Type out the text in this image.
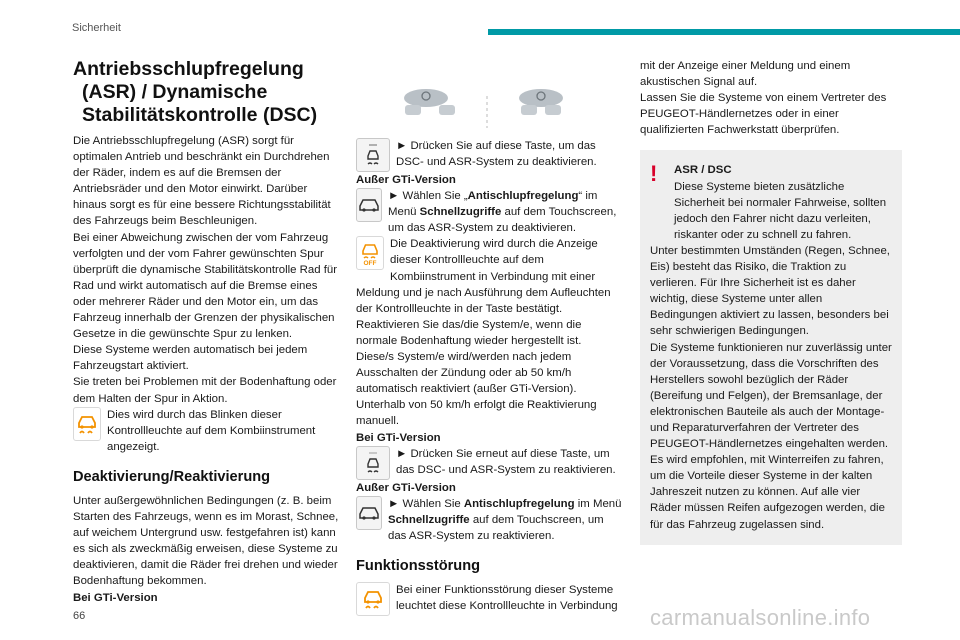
Sicherheit
Antriebsschlupfregelung

(ASR) / Dynamische
Stabilitätskontrolle (DSC)

Die Antriebsschlupfregelung (ASR) sorgt für optimalen Antrieb und beschränkt ein Durchdrehen der Räder, indem es auf die Bremsen der Antriebsräder und den Motor einwirkt. Darüber hinaus sorgt es für eine bessere Richtungsstabilität des Fahrzeugs beim Beschleunigen.

Bei einer Abweichung zwischen der vom Fahrzeug verfolgten und der vom Fahrer gewünschten Spur überprüft die dynamische Stabilitätskontrolle Rad für Rad und wirkt automatisch auf die Bremse eines oder mehrerer Räder und den Motor ein, um das Fahrzeug innerhalb der Grenzen der physikalischen Gesetze in die gewünschte Spur zu lenken.

Diese Systeme werden automatisch bei jedem Fahrzeugstart aktiviert.

Sie treten bei Problemen mit der Bodenhaftung oder dem Halten der Spur in Aktion.

Dies wird durch das Blinken dieser Kontrollleuchte auf dem Kombiinstrument angezeigt.
Deaktivierung/Reaktivierung

Unter außergewöhnlichen Bedingungen (z. B. beim Starten des Fahrzeugs, wenn es im Morast, Schnee, auf weichem Untergrund usw. festgefahren ist) kann es sich als zweckmäßig erweisen, diese Systeme zu deaktivieren, damit die Räder frei drehen und wieder Bodenhaftung bekommen.

Bei GTi-Version

► Drücken Sie auf diese Taste, um das DSC- und ASR-System zu deaktivieren.

Außer GTi-Version

► Wählen Sie „Antischlupfregelung“ im Menü Schnellzugriffe auf dem Touchscreen, um das ASR-System zu deaktivieren.
OFF
Die Deaktivierung wird durch die Anzeige dieser Kontrollleuchte auf dem Kombiinstrument in Verbindung mit einer Meldung und je nach Ausführung dem Aufleuchten der Kontrollleuchte in der Taste bestätigt.

Reaktivieren Sie das/die System/e, wenn die normale Bodenhaftung wieder hergestellt ist.

Diese/s System/e wird/werden nach jedem Ausschalten der Zündung oder ab 50 km/h automatisch reaktiviert (außer GTi-Version).

Unterhalb von 50 km/h erfolgt die Reaktivierung manuell.

Bei GTi-Version

► Drücken Sie erneut auf diese Taste, um das DSC- und ASR-System zu reaktivieren.

Außer GTi-Version

► Wählen Sie Antischlupfregelung im Menü Schnellzugriffe auf dem Touchscreen, um das ASR-System zu reaktivieren.
Funktionsstörung
Bei einer Funktionsstörung dieser Systeme leuchtet diese Kontrollleuchte in Verbindung

mit der Anzeige einer Meldung und einem akustischen Signal auf.

Lassen Sie die Systeme von einem Vertreter des PEUGEOT-Händlernetzes oder in einer qualifizierten Fachwerkstatt überprüfen.

! ASR / DSC

Diese Systeme bieten zusätzliche Sicherheit bei normaler Fahrweise, sollten jedoch den Fahrer nicht dazu verleiten, riskanter oder zu schnell zu fahren.

Unter bestimmten Umständen (Regen, Schnee, Eis) besteht das Risiko, die Traktion zu verlieren. Für Ihre Sicherheit ist es daher wichtig, diese Systeme unter allen Bedingungen aktiviert zu lassen, besonders bei sehr schwierigen Bedingungen.

Die Systeme funktionieren nur zuverlässig unter der Voraussetzung, dass die Vorschriften des Herstellers sowohl bezüglich der Räder (Bereifung und Felgen), der Bremsanlage, der elektronischen Bauteile als auch der Montage- und Reparaturverfahren der Vertreter des PEUGEOT-Händlernetzes eingehalten werden.

Es wird empfohlen, mit Winterreifen zu fahren, um die Vorteile dieser Systeme in der kalten Jahreszeit nutzen zu können. Auf alle vier Räder müssen Reifen aufgezogen werden, die für das Fahrzeug zugelassen sind.

66	carmanualsonline.info
